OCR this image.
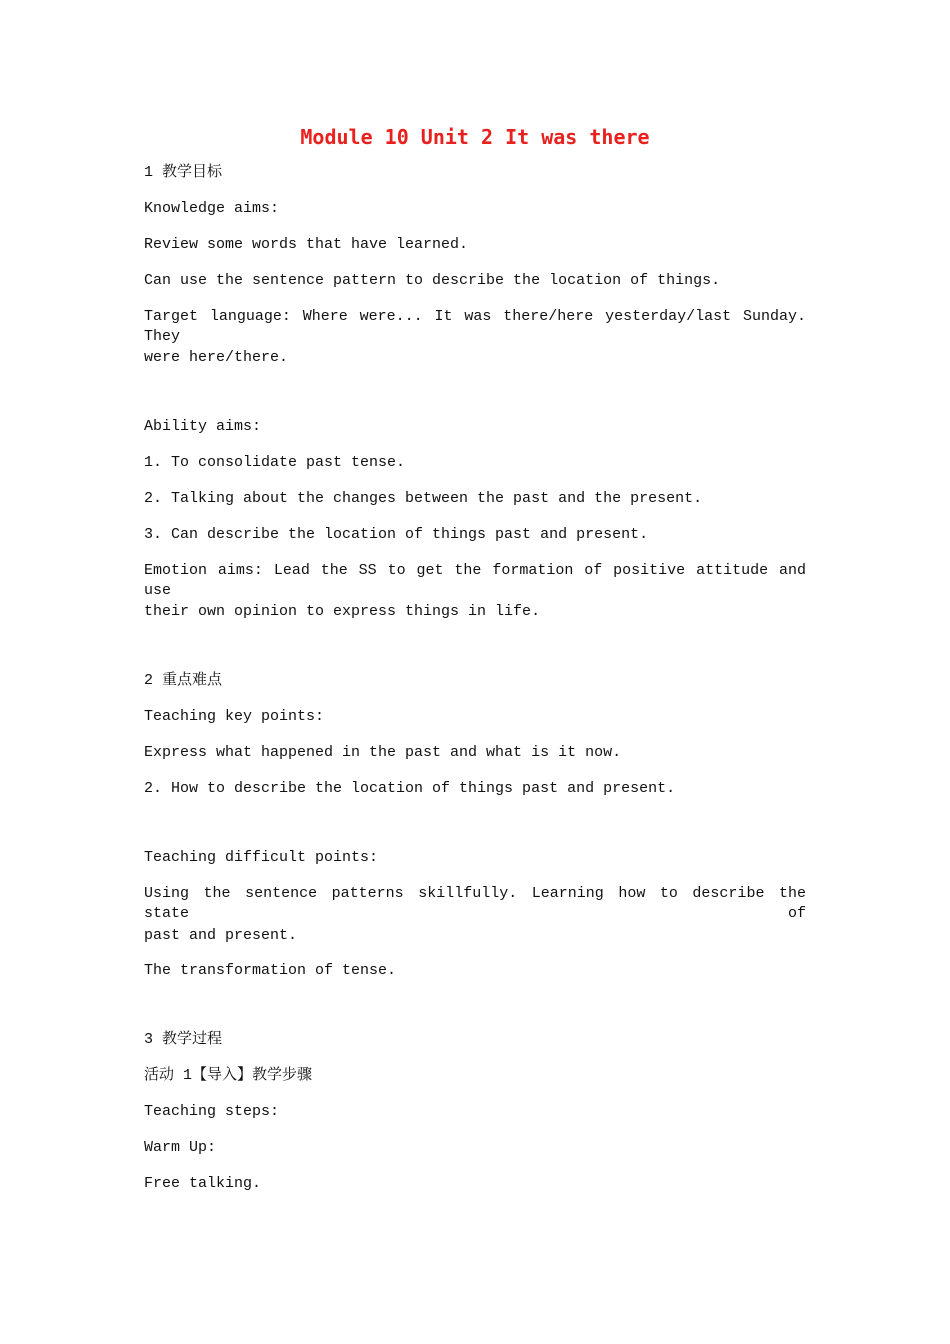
Module 10 Unit 2 It was there
1 教学目标
Knowledge aims:
Review some words that have learned.
Can use the sentence pattern to describe the location of things.
Target language: Where were... It was there/here yesterday/last Sunday. They
were here/there.
Ability aims:
1. To consolidate past tense.
2. Talking about the changes between the past and the present.
3. Can describe the location of things past and present.
Emotion aims: Lead the SS to get the formation of positive attitude and use
their own opinion to express things in life.
2 重点难点
Teaching key points:
Express what happened in the past and what is it now.
2. How to describe the location of things past and present.
Teaching difficult points:
Using the sentence patterns skillfully. Learning how to describe the state of
past and present.
The transformation of tense.
3 教学过程
活动 1【导入】教学步骤
Teaching steps:
Warm Up:
Free talking.
